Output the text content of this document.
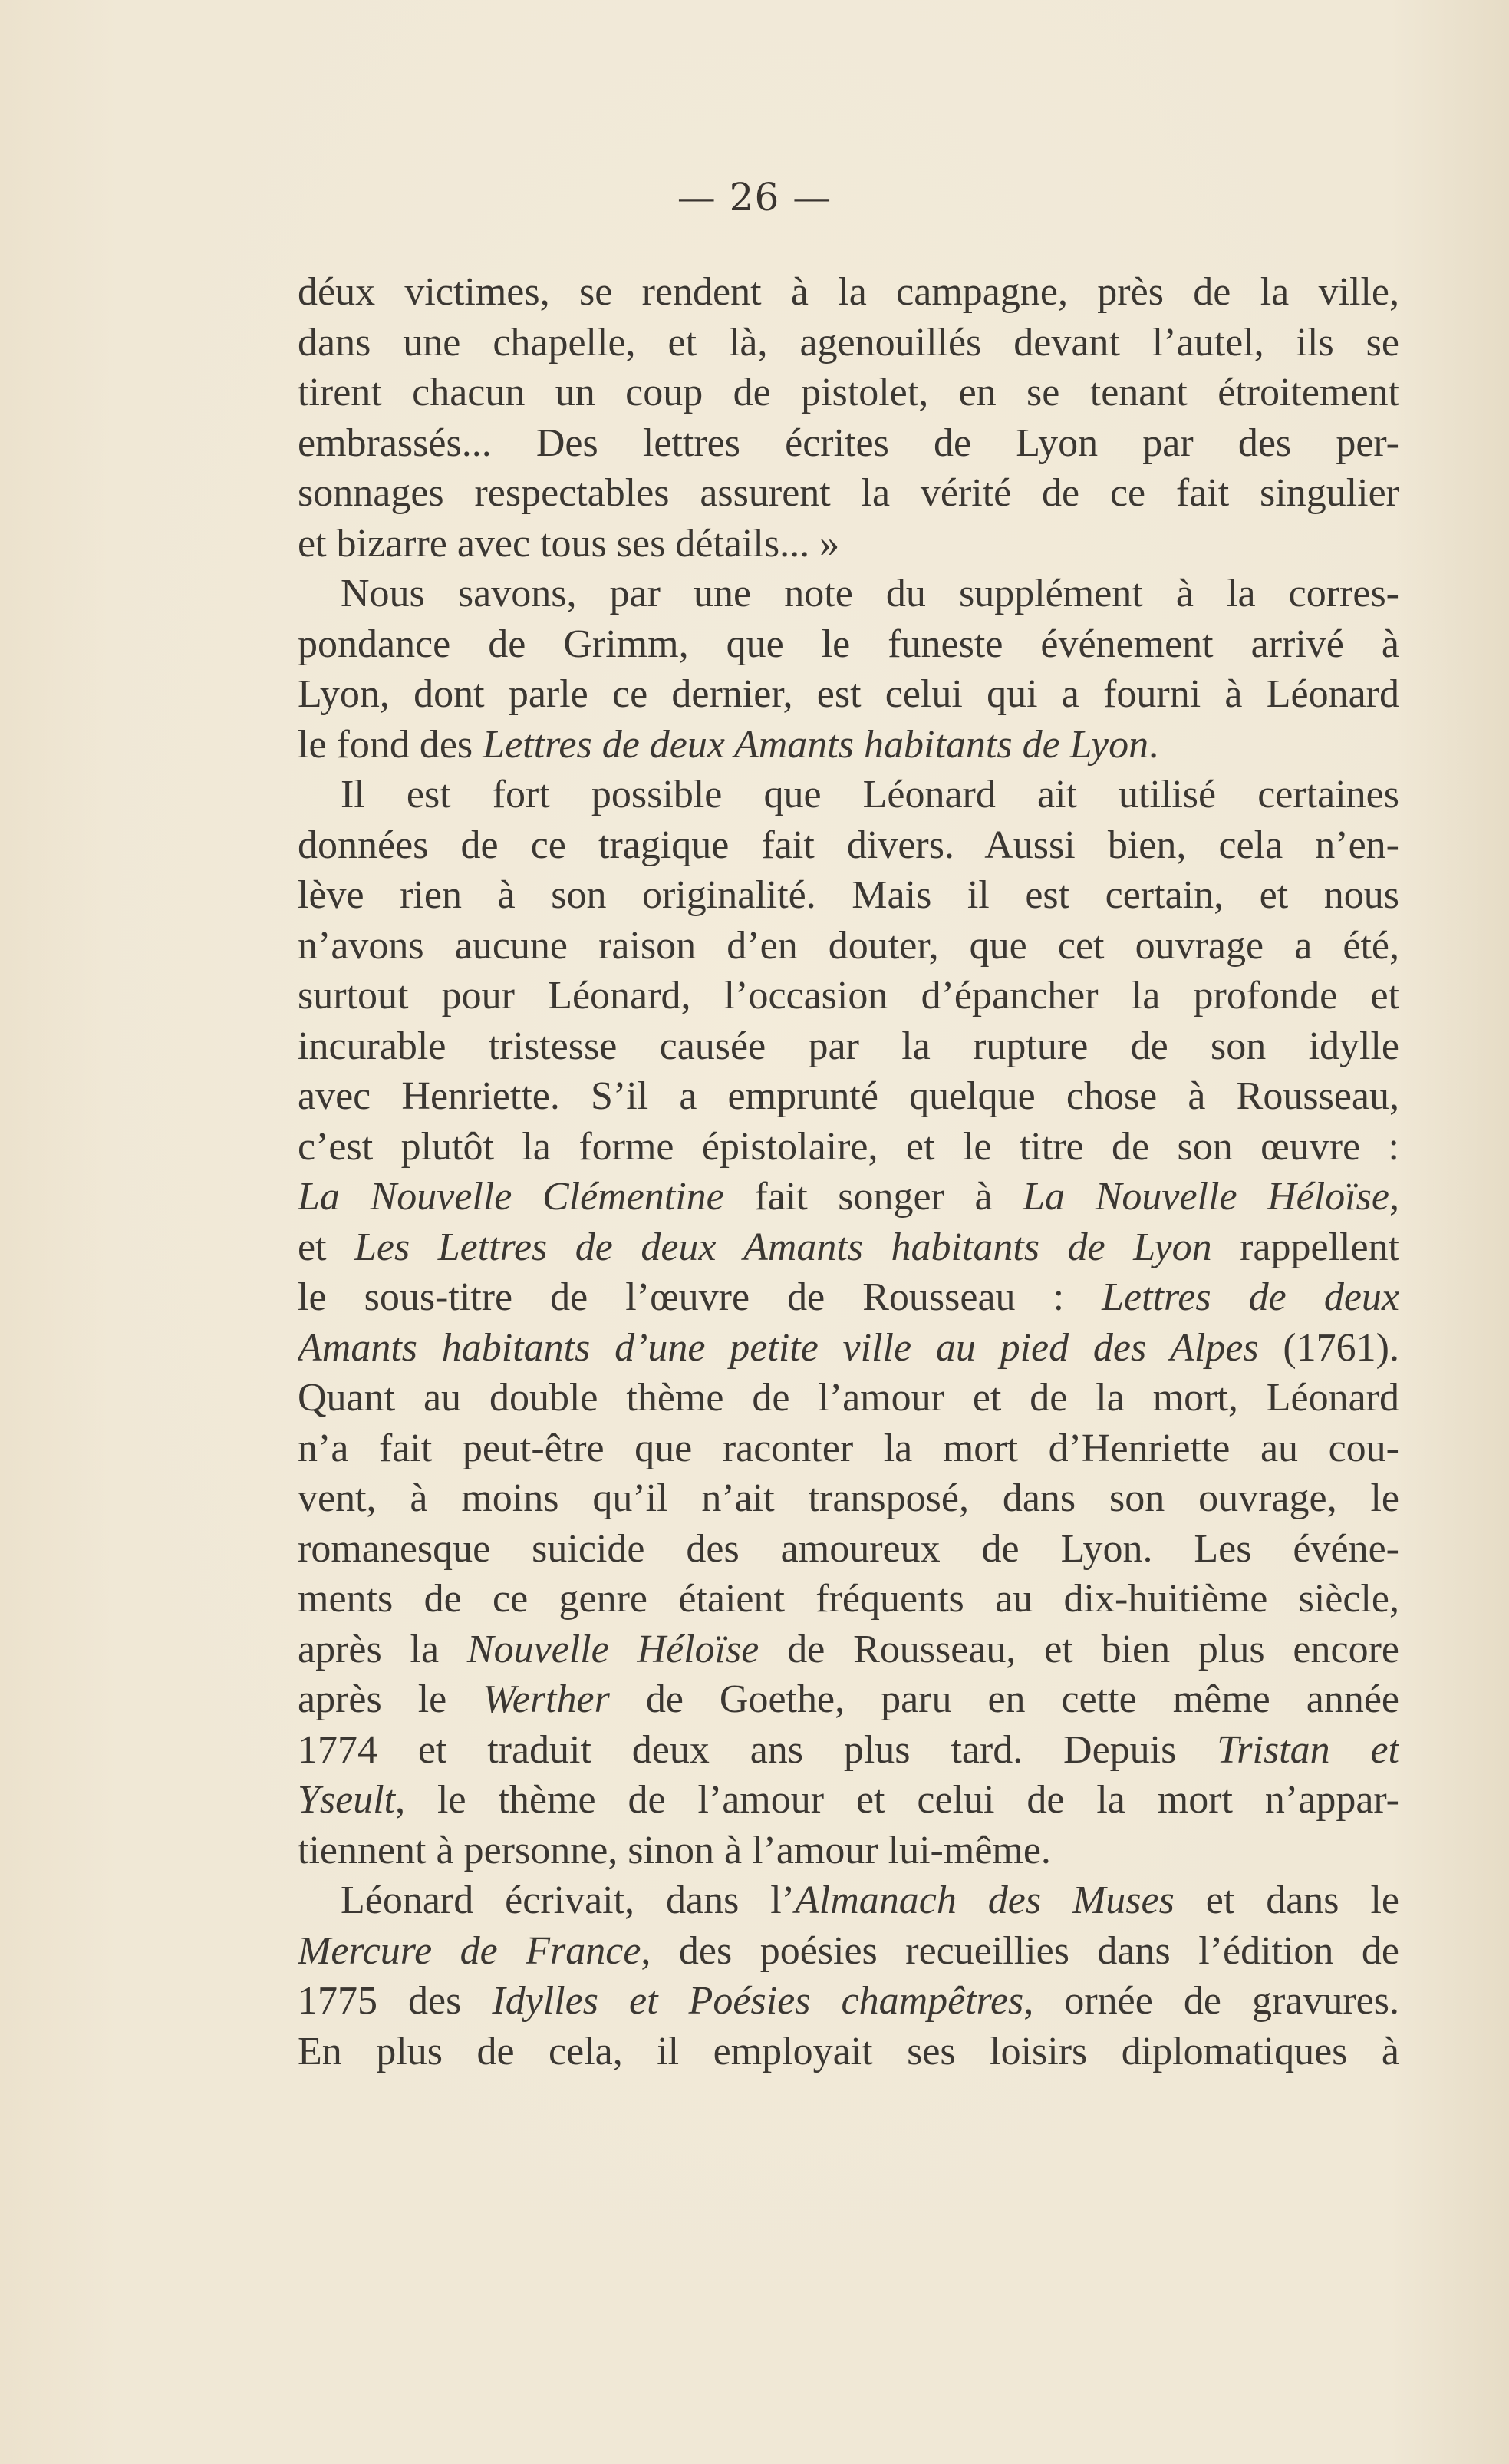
— 26 —
déux victimes, se rendent à la campagne, près de la ville,
dans une chapelle, et là, agenouillés devant l’autel, ils se
tirent chacun un coup de pistolet, en se tenant étroitement
embrassés... Des lettres écrites de Lyon par des per-
sonnages respectables assurent la vérité de ce fait singulier
et bizarre avec tous ses détails... »
Nous savons, par une note du supplément à la corres-
pondance de Grimm, que le funeste événement arrivé à
Lyon, dont parle ce dernier, est celui qui a fourni à Léonard
le fond des Lettres de deux Amants habitants de Lyon.
Il est fort possible que Léonard ait utilisé certaines
données de ce tragique fait divers. Aussi bien, cela n’en-
lève rien à son originalité. Mais il est certain, et nous
n’avons aucune raison d’en douter, que cet ouvrage a été,
surtout pour Léonard, l’occasion d’épancher la profonde et
incurable tristesse causée par la rupture de son idylle
avec Henriette. S’il a emprunté quelque chose à Rousseau,
c’est plutôt la forme épistolaire, et le titre de son œuvre :
La Nouvelle Clémentine fait songer à La Nouvelle Héloïse,
et Les Lettres de deux Amants habitants de Lyon rappellent
le sous-titre de l’œuvre de Rousseau : Lettres de deux
Amants habitants d’une petite ville au pied des Alpes (1761).
Quant au double thème de l’amour et de la mort, Léonard
n’a fait peut-être que raconter la mort d’Henriette au cou-
vent, à moins qu’il n’ait transposé, dans son ouvrage, le
romanesque suicide des amoureux de Lyon. Les événe-
ments de ce genre étaient fréquents au dix-huitième siècle,
après la Nouvelle Héloïse de Rousseau, et bien plus encore
après le Werther de Goethe, paru en cette même année
1774 et traduit deux ans plus tard. Depuis Tristan et
Yseult, le thème de l’amour et celui de la mort n’appar-
tiennent à personne, sinon à l’amour lui-même.
Léonard écrivait, dans l’Almanach des Muses et dans le
Mercure de France, des poésies recueillies dans l’édition de
1775 des Idylles et Poésies champêtres, ornée de gravures.
En plus de cela, il employait ses loisirs diplomatiques à
